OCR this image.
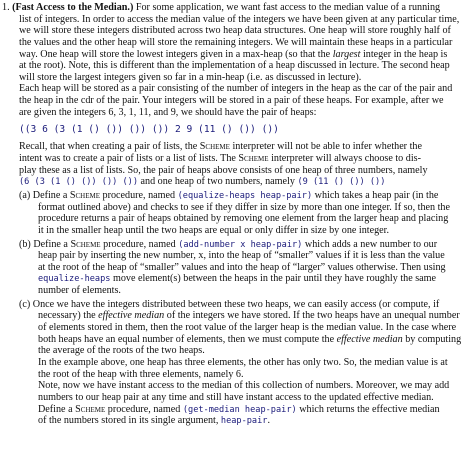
1. (Fast Access to the Median.) For some application, we want fast access to the median value of a running
list of integers. In order to access the median value of the integers we have been given at any particular time,
we will store these integers distributed across two heap data structures. One heap will store roughly half of
the values and the other heap will store the remaining integers. We will maintain these heaps in a particular
way. One heap will store the lowest integers given in a max-heap (so that the largest integer in the heap is
at the root). Note, this is different than the implementation of a heap discussed in lecture. The second heap
will store the largest integers given so far in a min-heap (i.e. as discussed in lecture).
Each heap will be stored as a pair consisting of the number of integers in the heap as the car of the pair and
the heap in the cdr of the pair. Your integers will be stored in a pair of these heaps. For example, after we
are given the integers 6, 3, 1, 11, and 9, we should have the pair of heaps:
((3 6 (3 (1 () ()) ()) ()) 2 9 (11 () ()) ())
Recall, that when creating a pair of lists, the Scheme interpreter will not be able to infer whether the
intent was to create a pair of lists or a list of lists. The Scheme interpreter will always choose to dis-
play these as a list of lists. So, the pair of heaps above consists of one heap of three numbers, namely
(6 (3 (1 () ()) ()) ()) and one heap of two numbers, namely (9 (11 () ()) ())
(a) Define a Scheme procedure, named (equalize-heaps heap-pair) which takes a heap pair (in the
format outlined above) and checks to see if they differ in size by more than one integer. If so, then the
procedure returns a pair of heaps obtained by removing one element from the larger heap and placing
it in the smaller heap until the two heaps are equal or only differ in size by one integer.
(b) Define a Scheme procedure, named (add-number x heap-pair) which adds a new number to our
heap pair by inserting the new number, x, into the heap of “smaller” values if it is less than the value
at the root of the heap of “smaller” values and into the heap of “larger” values otherwise. Then using
equalize-heaps move element(s) between the heaps in the pair until they have roughly the same
number of elements.
(c) Once we have the integers distributed between these two heaps, we can easily access (or compute, if
necessary) the effective median of the integers we have stored. If the two heaps have an unequal number
of elements stored in them, then the root value of the larger heap is the median value. In the case where
both heaps have an equal number of elements, then we must compute the effective median by computing
the average of the roots of the two heaps.
In the example above, one heap has three elements, the other has only two. So, the median value is at
the root of the heap with three elements, namely 6.
Note, now we have instant access to the median of this collection of numbers. Moreover, we may add
numbers to our heap pair at any time and still have instant access to the updated effective median.
Define a Scheme procedure, named (get-median heap-pair) which returns the effective median
of the numbers stored in its single argument, heap-pair.
